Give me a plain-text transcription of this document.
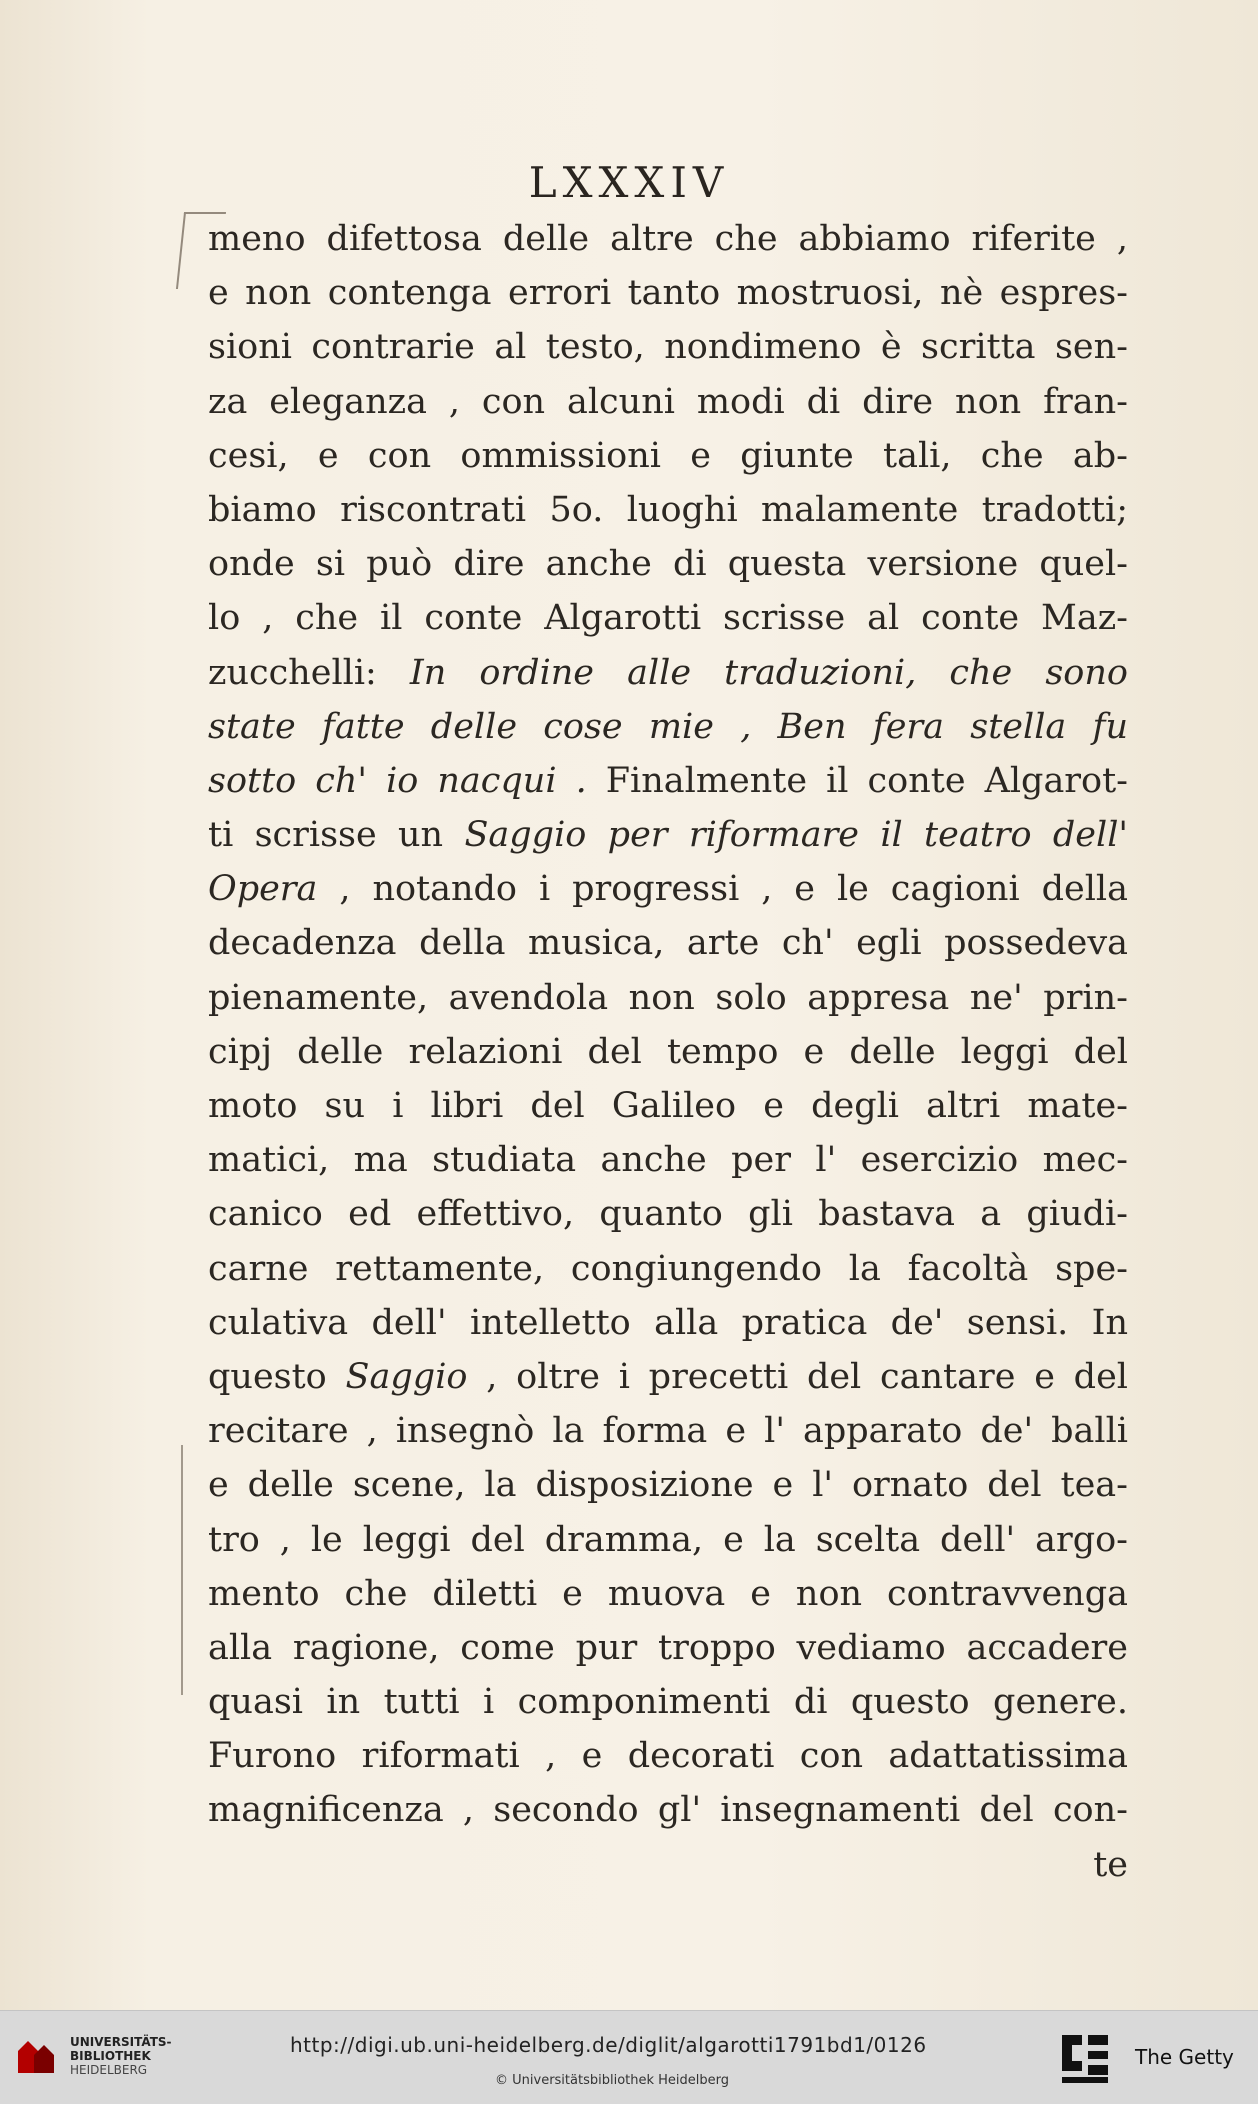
LXXXIV
meno difettosa delle altre che abbiamo riferite ,
e non contenga errori tanto mostruosi, nè espres-
sioni contrarie al testo, nondimeno è scritta sen-
za eleganza , con alcuni modi di dire non fran-
cesi, e con ommissioni e giunte tali, che ab-
biamo riscontrati 5o. luoghi malamente tradotti;
onde si può dire anche di questa versione quel-
lo , che il conte Algarotti scrisse al conte Maz-
zucchelli: In ordine alle traduzioni, che sono
state fatte delle cose mie , Ben fera stella fu
sotto ch' io nacqui . Finalmente il conte Algarot-
ti scrisse un Saggio per riformare il teatro dell'
Opera , notando i progressi , e le cagioni della
decadenza della musica, arte ch' egli possedeva
pienamente, avendola non solo appresa ne' prin-
cipj delle relazioni del tempo e delle leggi del
moto su i libri del Galileo e degli altri mate-
matici, ma studiata anche per l' esercizio mec-
canico ed effettivo, quanto gli bastava a giudi-
carne rettamente, congiungendo la facoltà spe-
culativa dell' intelletto alla pratica de' sensi. In
questo Saggio , oltre i precetti del cantare e del
recitare , insegnò la forma e l' apparato de' balli
e delle scene, la disposizione e l' ornato del tea-
tro , le leggi del dramma, e la scelta dell' argo-
mento che diletti e muova e non contravvenga
alla ragione, come pur troppo vediamo accadere
quasi in tutti i componimenti di questo genere.
Furono riformati , e decorati con adattatissima
magnificenza , secondo gl' insegnamenti del con-
te
UNIVERSITÄTS-
BIBLIOTHEK
HEIDELBERG
http://digi.ub.uni-heidelberg.de/diglit/algarotti1791bd1/0126
© Universitätsbibliothek Heidelberg
The Getty
